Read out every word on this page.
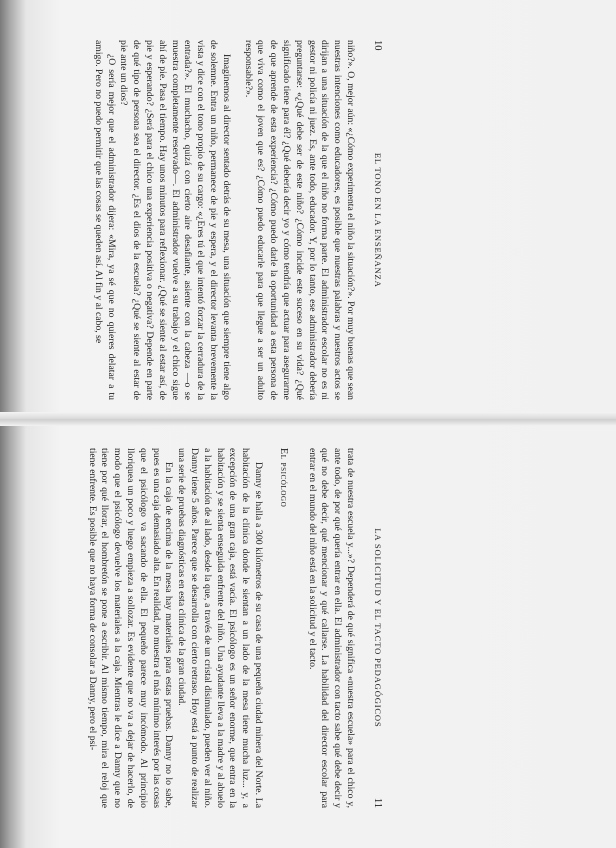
10
EL TONO EN LA ENSEÑANZA

niño?». O, mejor aún: «¿Cómo experimenta el niño la situación?». Por muy buenas que sean nuestras intenciones como educadores, es posible que nuestras palabras y nuestros actos se dirijan a una situación de la que el niño no forma parte. El administrador escolar no es ni gestor ni policía ni juez. Es, ante todo, educador. Y, por lo tanto, ese administrador debería preguntarse: «¿Qué debe ser de este niño? ¿Cómo incide este suceso en su vida? ¿Qué significado tiene para él? ¿Qué debería decir yo y cómo tendría que actuar para asegurarme de que aprende de esta experiencia? ¿Cómo puedo darle la oportunidad a esta persona de que viva como el joven que es? ¿Cómo puedo educarle para que llegue a ser un adulto responsable?».

Imaginemos al director sentado detrás de su mesa, una situación que siempre tiene algo de solemne. Entra un niño, permanece de pie y espera, y el director levanta brevemente la vista y dice con el tono propio de su cargo: «¿Eres tú el que intentó forzar la cerradura de la entrada?». El muchacho, quizá con cierto aire desafiante, asiente con la cabeza —o se muestra completamente reservado—. El administrador vuelve a su trabajo y el chico sigue ahí de pie. Pasa el tiempo. Hay unos minutos para reflexionar. ¿Qué se siente al estar así, de pie y esperando? ¿Será para el chico una experiencia positiva o negativa? Depende en parte de qué tipo de persona sea el director. ¿Es el dios de la escuela? ¿Qué se siente al estar de pie ante un dios?

¿O sería mejor que el administrador dijera: «Mira, ya sé que no quieres delatar a tu amigo. Pero no puedo permitir que las cosas se queden así. Al fin y al cabo, se

LA SOLICITUD Y EL TACTO PEDAGÓGICOS
11

trata de nuestra escuela y...»? Dependerá de qué significa «nuestra escuela» para el chico y, ante todo, de por qué quería entrar en ella. El administrador con tacto sabe qué debe decir y qué no debe decir, qué mencionar y qué callarse. La habilidad del director escolar para entrar en el mundo del niño está en la solicitud y el tacto.

El psicólogo

Danny se halla a 300 kilómetros de su casa de una pequeña ciudad minera del Norte. La habitación de la clínica donde le sientan a un lado de la mesa tiene mucha luz... y, a excepción de una gran caja, está vacía. El psicólogo es un señor enorme, que entra en la habitación y se sienta enseguida enfrente del niño. Una ayudante lleva a la madre y al abuelo a la habitación de al lado, desde la que, a través de un cristal disimulado, pueden ver al niño. Danny tiene 5 años. Parece que se desarrolla con cierto retraso. Hoy está a punto de realizar una serie de pruebas diagnósticas en esta clínica de la gran ciudad.

En la caja de encima de la mesa hay materiales para estas pruebas. Danny no lo sabe, pues es una caja demasiado alta. En realidad, no muestra el más mínimo interés por las cosas que el psicólogo va sacando de ella. El pequeño parece muy incómodo. Al principio lloriquea un poco y luego empieza a sollozar. Es evidente que no va a dejar de hacerlo, de modo que el psicólogo devuelve los materiales a la caja. Mientras le dice a Danny que no tiene por qué llorar, el hombretón se pone a escribir. Al mismo tiempo, mira el reloj que tiene enfrente. Es posible que no haya forma de consolar a Danny, pero el psi-
